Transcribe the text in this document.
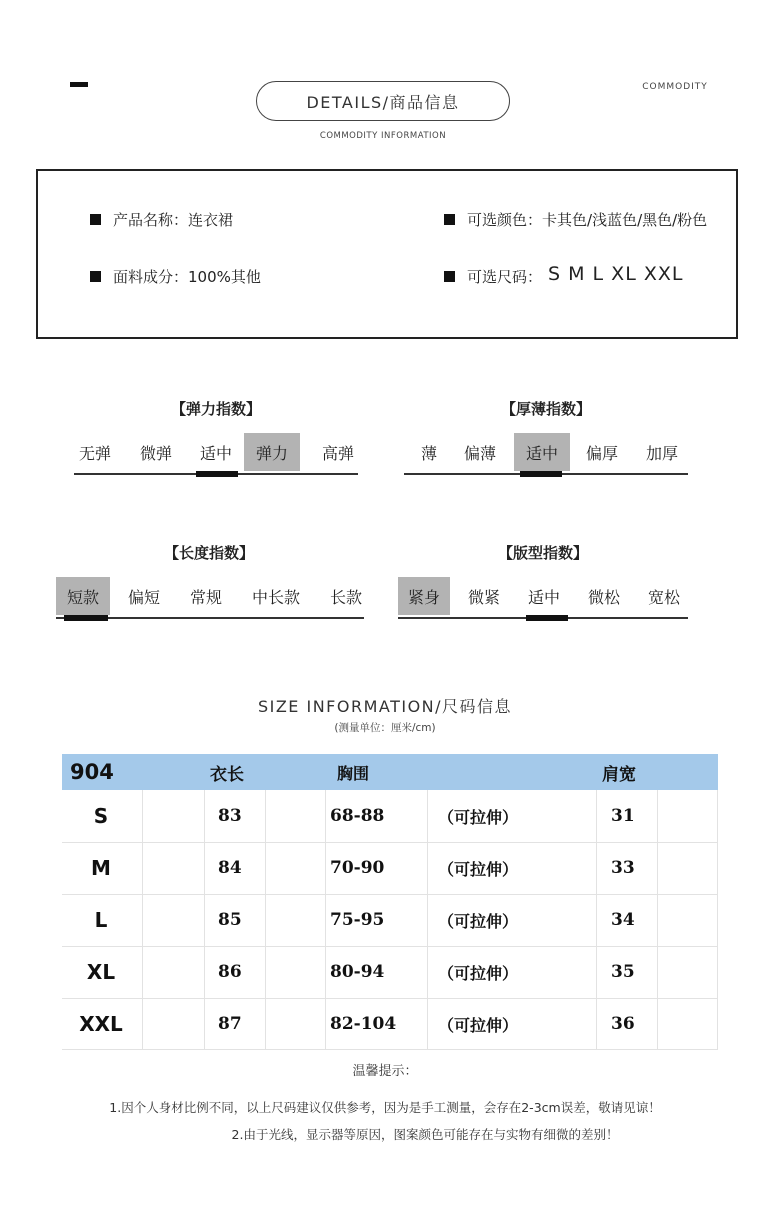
DETAILS/商品信息
COMMODITY INFORMATION
COMMODITY
产品名称： 连衣裙
面料成分： 100%其他
可选颜色： 卡其色/浅蓝色/黑色/粉色
可选尺码： S M L XL XXL
【弹力指数】
无弹	微弹	适中	弹力	高弹
【厚薄指数】
薄	偏薄	适中	偏厚	加厚
【长度指数】
短款	偏短	常规	中长款	长款
【版型指数】
紧身	微紧	适中	微松	宽松
SIZE INFORMATION/尺码信息
(测量单位：厘米/cm)
904	衣长	胸围	肩宽
S	83	68-88	（可拉伸）	31
M	84	70-90	（可拉伸）	33
L	85	75-95	（可拉伸）	34
XL	86	80-94	（可拉伸）	35
XXL	87	82-104	（可拉伸）	36
温馨提示：
1.因个人身材比例不同，以上尺码建议仅供参考，因为是手工测量，会存在2-3cm误差，敬请见谅！
2.由于光线，显示器等原因，图案颜色可能存在与实物有细微的差别！
